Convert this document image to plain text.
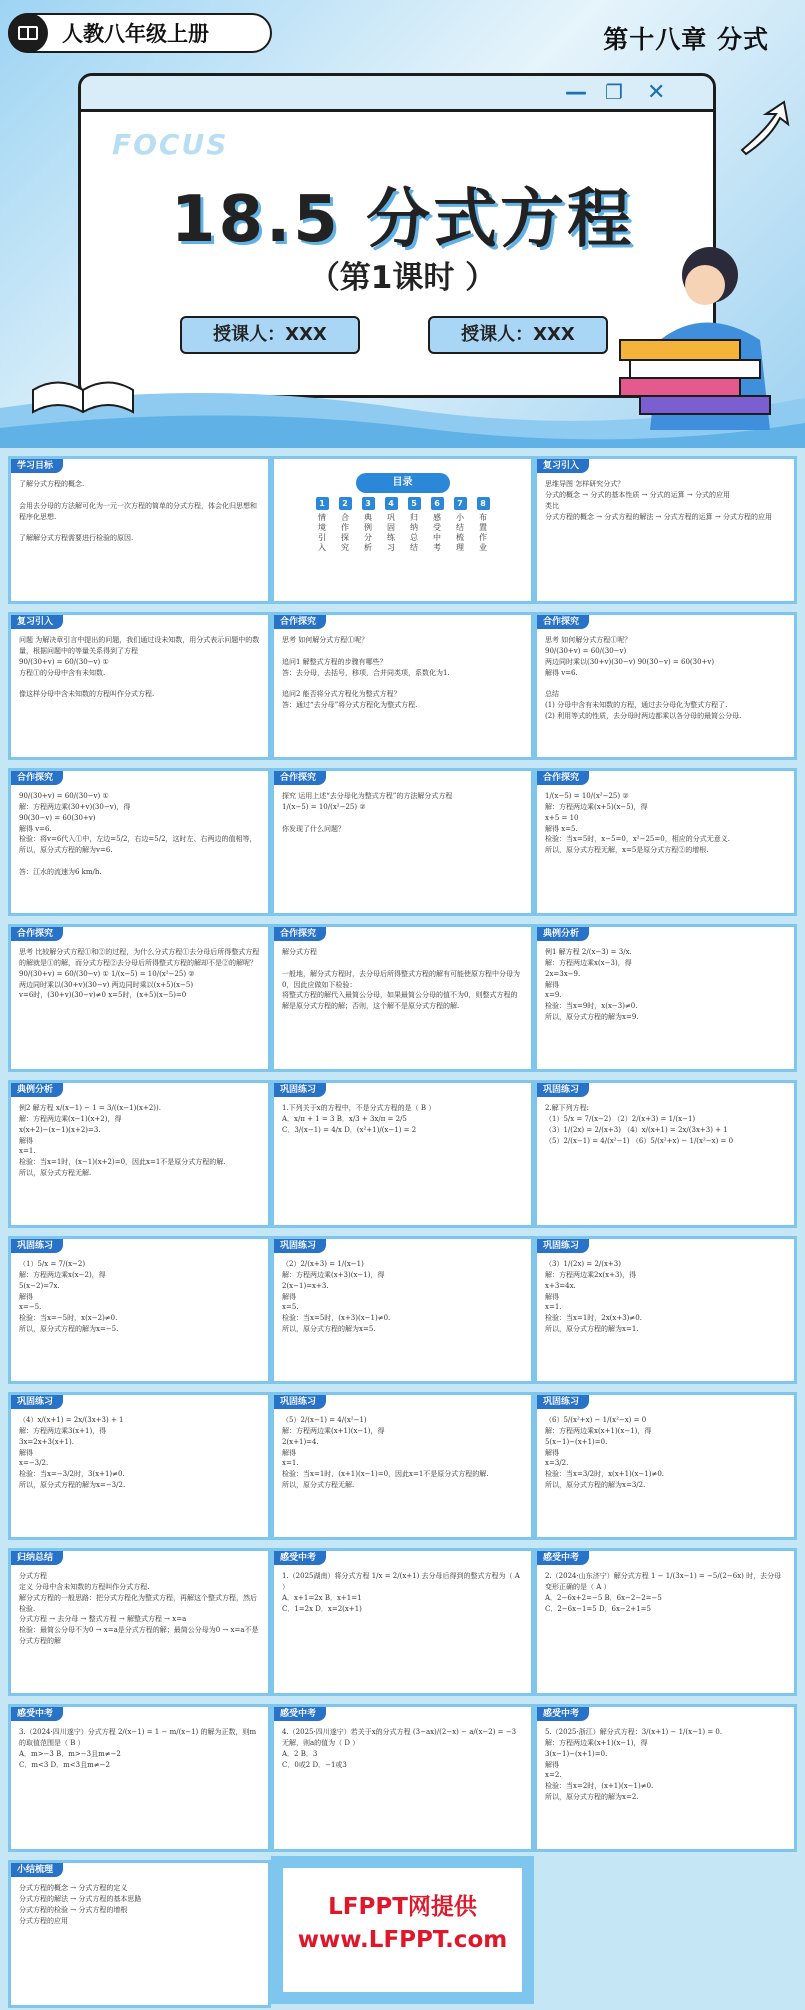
人教八年级上册	第十八章 分式
— ❐ ✕
FOCUS
18.5 分式方程
（第1课时 ）
授课人：XXX	授课人：XXX
学习目标
了解分式方程的概念.

会用去分母的方法解可化为一元一次方程的简单的分式方程，体会化归思想和程序化思想.

了解解分式方程需要进行检验的原因.
目录
1
情境引入
2
合作探究
3
典例分析
4
巩固练习
5
归纳总结
6
感受中考
7
小结梳理
8
布置作业
复习引入
思维导图 怎样研究分式？
分式的概念 → 分式的基本性质 → 分式的运算 → 分式的应用
类比
分式方程的概念 → 分式方程的解法 → 分式方程的运算 → 分式方程的应用
复习引入
问题 为解决章引言中提出的问题，我们通过设未知数，用分式表示问题中的数量，根据问题中的等量关系得到了方程
90/(30+v) = 60/(30−v) ①
方程①的分母中含有未知数.

像这样分母中含未知数的方程叫作分式方程.
合作探究
思考 如何解分式方程①呢？

追问1 解整式方程的步骤有哪些？
答：去分母，去括号，移项，合并同类项，系数化为1.

追问2 能否将分式方程化为整式方程？
答：通过“去分母”将分式方程化为整式方程.
合作探究
思考 如何解分式方程①呢？
90/(30+v) = 60/(30−v)
两边同时乘以(30+v)(30−v) 90(30−v) = 60(30+v)
解得 v=6.

总结
(1) 分母中含有未知数的方程，通过去分母化为整式方程了.
(2) 利用等式的性质，去分母时两边都乘以各分母的最简公分母.
合作探究
90/(30+v) = 60/(30−v) ①
解：方程两边乘(30+v)(30−v)，得
90(30−v) = 60(30+v)
解得 v=6.
检验：将v=6代入①中，左边=5/2，右边=5/2，这时左、右两边的值相等，所以，原分式方程的解为v=6.

答：江水的流速为6 km/h.
合作探究
探究 运用上述“去分母化为整式方程”的方法解分式方程
1/(x−5) = 10/(x²−25) ②

你发现了什么问题？
合作探究
1/(x−5) = 10/(x²−25) ②
解：方程两边乘(x+5)(x−5)，得
x+5 = 10
解得 x=5.
检验：当x=5时，x−5=0，x²−25=0，相应的分式无意义.
所以，原分式方程无解，x=5是原分式方程②的增根.
合作探究
思考 比较解分式方程①和②的过程，为什么分式方程①去分母后所得整式方程的解就是①的解，而分式方程②去分母后所得整式方程的解却不是②的解呢？
90/(30+v) = 60/(30−v) ① 1/(x−5) = 10/(x²−25) ②
两边同时乘以(30+v)(30−v) 两边同时乘以(x+5)(x−5)
v=6时，(30+v)(30−v)≠0 x=5时，(x+5)(x−5)=0
合作探究
解分式方程

一般地，解分式方程时，去分母后所得整式方程的解有可能使原方程中分母为0，因此应做如下检验：
将整式方程的解代入最简公分母，如果最简公分母的值不为0，则整式方程的解是原分式方程的解；否则，这个解不是原分式方程的解.
典例分析
例1 解方程 2/(x−3) = 3/x.
解：方程两边乘x(x−3)，得
2x=3x−9.
解得
x=9.
检验：当x=9时，x(x−3)≠0.
所以，原分式方程的解为x=9.
典例分析
例2 解方程 x/(x−1) − 1 = 3/((x−1)(x+2)).
解：方程两边乘(x−1)(x+2)，得
x(x+2)−(x−1)(x+2)=3.
解得
x=1.
检验：当x=1时，(x−1)(x+2)=0，因此x=1不是原分式方程的解.
所以，原分式方程无解.
巩固练习
1.下列关于x的方程中，不是分式方程的是（ B ）
A．x/π + 1 = 3 B．x/3 + 3x/π = 2/5
C．3/(x−1) = 4/x D．(x²+1)/(x−1) = 2
巩固练习
2.解下列方程:
（1）5/x = 7/(x−2) （2）2/(x+3) = 1/(x−1)
（3）1/(2x) = 2/(x+3) （4）x/(x+1) = 2x/(3x+3) + 1
（5）2/(x−1) = 4/(x²−1) （6）5/(x²+x) − 1/(x²−x) = 0
巩固练习
（1）5/x = 7/(x−2)
解：方程两边乘x(x−2)，得
5(x−2)=7x.
解得
x=−5.
检验：当x=−5时，x(x−2)≠0.
所以，原分式方程的解为x=−5.
巩固练习
（2）2/(x+3) = 1/(x−1)
解：方程两边乘(x+3)(x−1)，得
2(x−1)=x+3.
解得
x=5.
检验：当x=5时，(x+3)(x−1)≠0.
所以，原分式方程的解为x=5.
巩固练习
（3）1/(2x) = 2/(x+3)
解：方程两边乘2x(x+3)，得
x+3=4x.
解得
x=1.
检验：当x=1时，2x(x+3)≠0.
所以，原分式方程的解为x=1.
巩固练习
（4）x/(x+1) = 2x/(3x+3) + 1
解：方程两边乘3(x+1)，得
3x=2x+3(x+1).
解得
x=−3/2.
检验：当x=−3/2时，3(x+1)≠0.
所以，原分式方程的解为x=−3/2.
巩固练习
（5）2/(x−1) = 4/(x²−1)
解：方程两边乘(x+1)(x−1)，得
2(x+1)=4.
解得
x=1.
检验：当x=1时，(x+1)(x−1)=0，因此x=1不是原分式方程的解.
所以，原分式方程无解.
巩固练习
（6）5/(x²+x) − 1/(x²−x) = 0
解：方程两边乘x(x+1)(x−1)，得
5(x−1)−(x+1)=0.
解得
x=3/2.
检验：当x=3/2时，x(x+1)(x−1)≠0.
所以，原分式方程的解为x=3/2.
归纳总结
分式方程
定义 分母中含未知数的方程叫作分式方程.
解分式方程的一般思路：把分式方程化为整式方程，再解这个整式方程，然后检验.
分式方程 → 去分母 → 整式方程 → 解整式方程 → x=a
检验：最简公分母不为0 → x=a是分式方程的解；最简公分母为0 → x=a不是分式方程的解
感受中考
1.（2025湖南）将分式方程 1/x = 2/(x+1) 去分母后得到的整式方程为（ A ）
A．x+1=2x B．x+1=1
C．1=2x D．x=2(x+1)
感受中考
2.（2024·山东济宁）解分式方程 1 − 1/(3x−1) = −5/(2−6x) 时，去分母变形正确的是（ A ）
A．2−6x+2=−5 B．6x−2−2=−5
C．2−6x−1=5 D．6x−2+1=5
感受中考
3.（2024·四川遂宁）分式方程 2/(x−1) = 1 − m/(x−1) 的解为正数，则m的取值范围是（ B ）
A．m>−3 B．m>−3且m≠−2
C．m<3 D．m<3且m≠−2
感受中考
4.（2025·四川遂宁）若关于x的分式方程 (3−ax)/(2−x) − a/(x−2) = −3 无解，则a的值为（ D ）
A．2 B．3
C．0或2 D．−1或3
感受中考
5.（2025·浙江）解分式方程：3/(x+1) − 1/(x−1) = 0.
解：方程两边乘(x+1)(x−1)，得
3(x−1)−(x+1)=0.
解得
x=2.
检验：当x=2时，(x+1)(x−1)≠0.
所以，原分式方程的解为x=2.
小结梳理
分式方程的概念 → 分式方程的定义
分式方程的解法 → 分式方程的基本思路
分式方程的检验 → 分式方程的增根
分式方程的应用
LFPPT网提供
www.LFPPT.com
